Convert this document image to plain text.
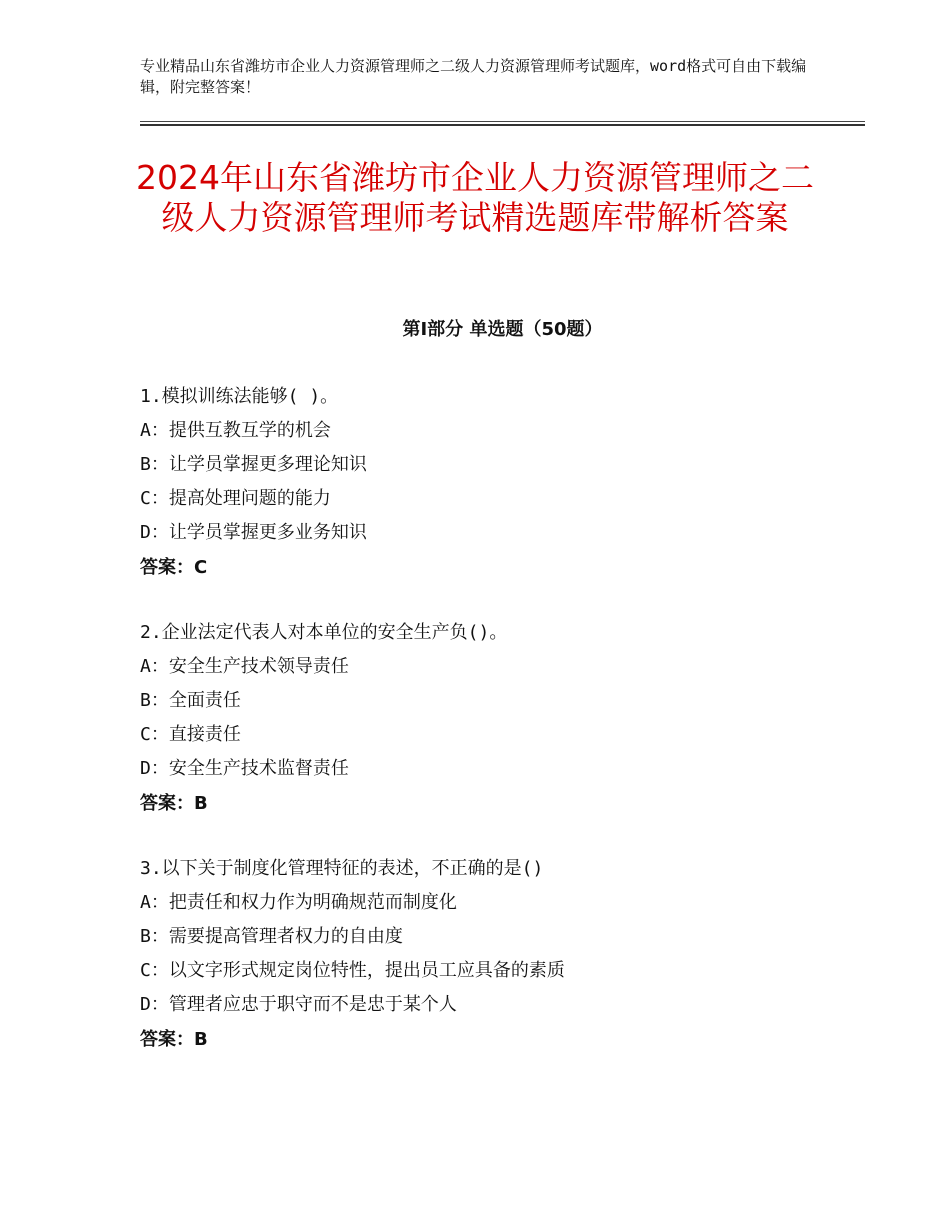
专业精品山东省潍坊市企业人力资源管理师之二级人力资源管理师考试题库，word格式可自由下载编辑，附完整答案！
2024年山东省潍坊市企业人力资源管理师之二级人力资源管理师考试精选题库带解析答案
第Ⅰ部分 单选题（50题）
1.模拟训练法能够( )。
A：提供互教互学的机会
B：让学员掌握更多理论知识
C：提高处理问题的能力
D：让学员掌握更多业务知识
答案：C
2.企业法定代表人对本单位的安全生产负()。
A：安全生产技术领导责任
B：全面责任
C：直接责任
D：安全生产技术监督责任
答案：B
3.以下关于制度化管理特征的表述，不正确的是()
A：把责任和权力作为明确规范而制度化
B：需要提高管理者权力的自由度
C：以文字形式规定岗位特性，提出员工应具备的素质
D：管理者应忠于职守而不是忠于某个人
答案：B
